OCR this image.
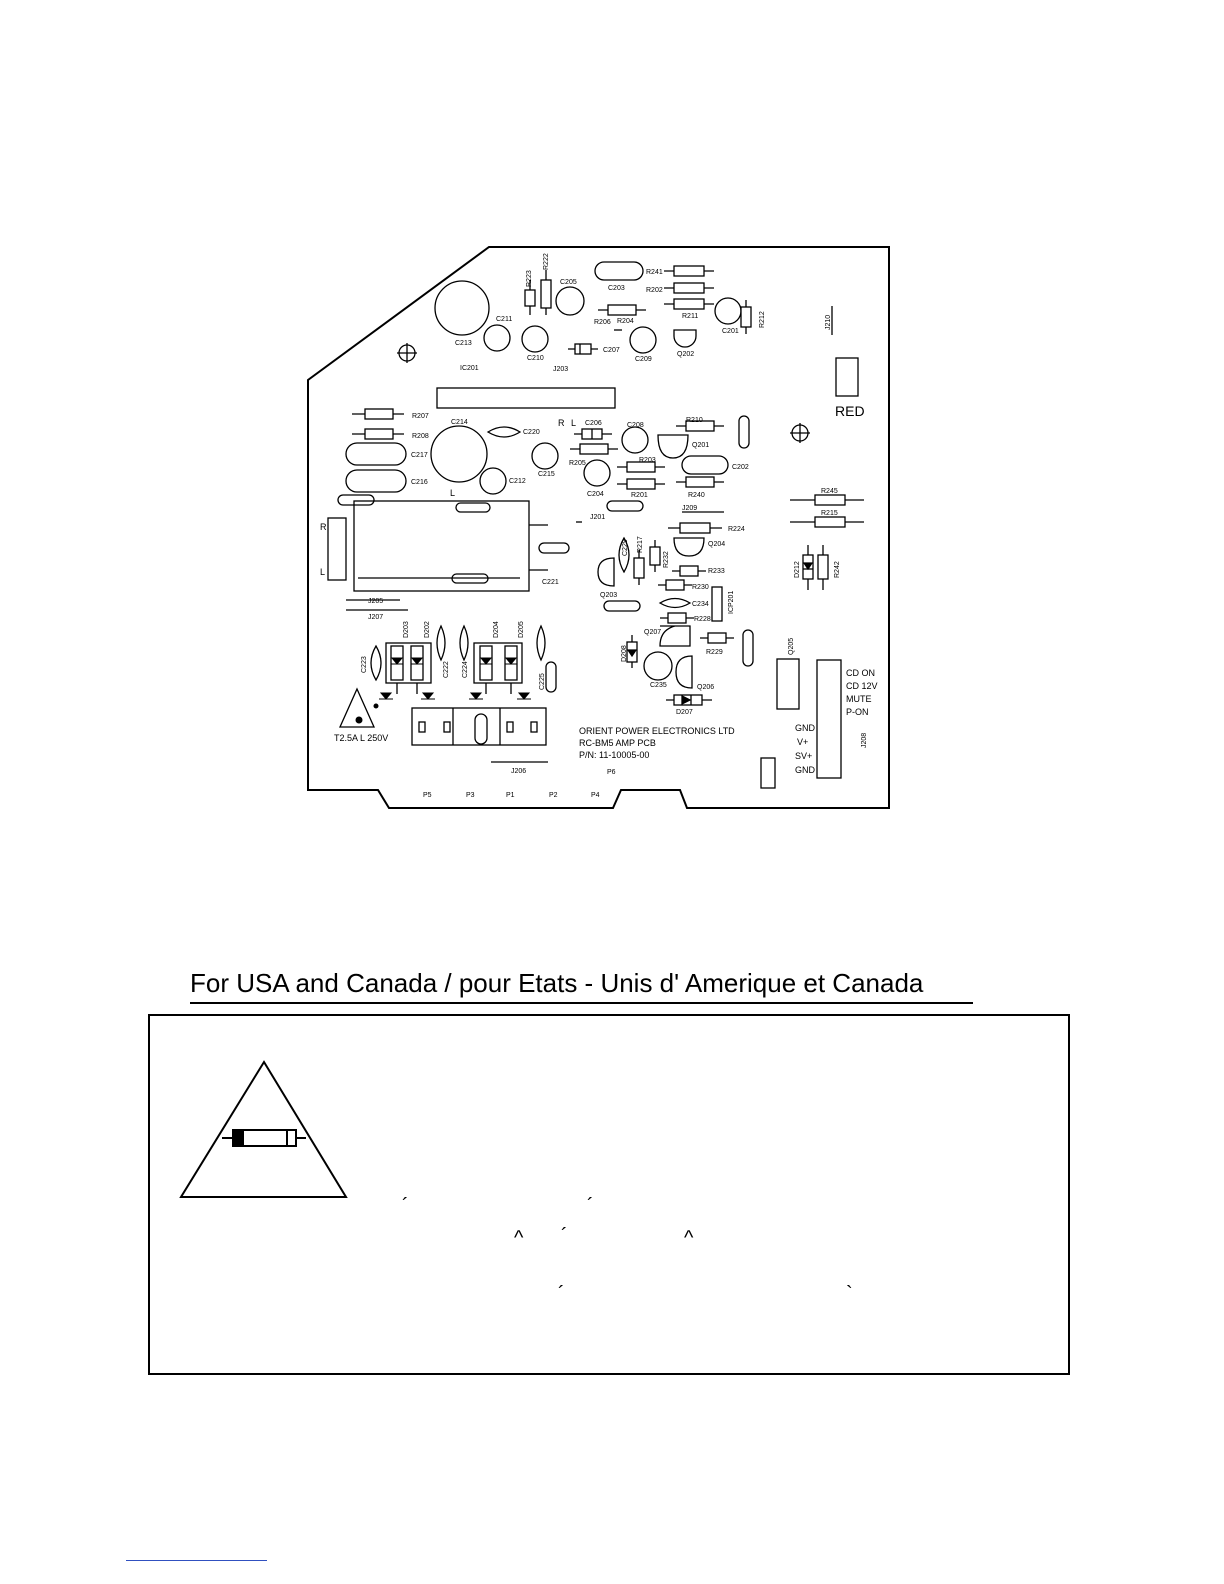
C213
IC201
C211
C210
J203
C205
C203
R241
R202
R211
R206 R204
C207
C209
Q202
C201
R207
R208
C214
C220
C217
C216
C215
C212
C206	C208
R210
Q201
R205	R203
C202
C204	R201	R240
J201
J209
R224
Q204
R245
R215
C221
J205
J207
R233
R230
C234
R228
Q203
Q207
R229
C235	Q206
D207
J206
P5	P3	P1	P2	P4
P6
R223
R222
R212	J210
C229 R217
R232
ICP201
D212	R242
C223
D203 D202
C222 C224
D204	D205
C225
D208	Q205
J208
R L
L
R
L
ORIENT POWER ELECTRONICS LTD
RC-BM5 AMP PCB
P/N: 11-10005-00
T2.5A L 250V
CD ON
CD 12V
MUTE
P-ON
GND
V+
SV+
GND
RED
For USA and Canada / pour Etats - Unis d' Amerique et Canada
´	´
^ ´	^
´	`
